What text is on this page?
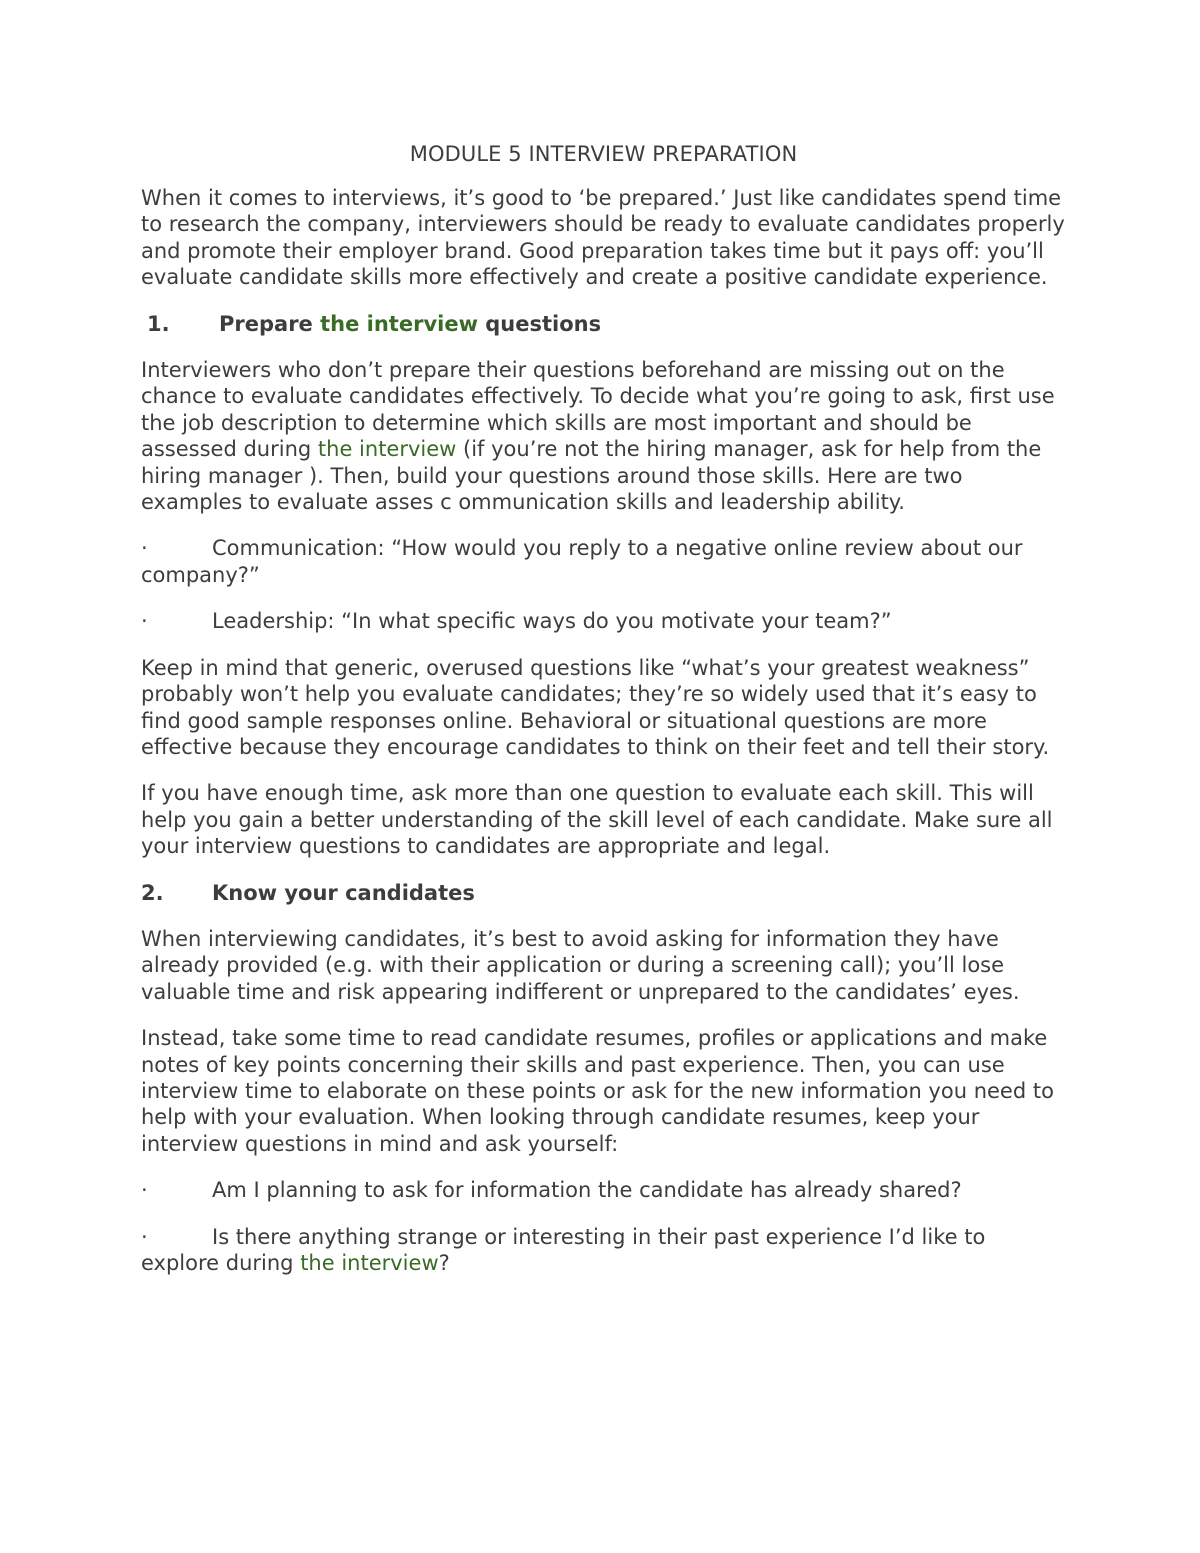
MODULE 5 INTERVIEW PREPARATION

When it comes to interviews, it’s good to ‘be prepared.’ Just like candidates spend time to research the company, interviewers should be ready to evaluate candidates properly and promote their employer brand. Good preparation takes time but it pays off: you’ll evaluate candidate skills more effectively and create a positive candidate experience.

1.	Prepare the interview questions

Interviewers who don’t prepare their questions beforehand are missing out on the chance to evaluate candidates effectively. To decide what you’re going to ask, first use the job description to determine which skills are most important and should be assessed during the interview (if you’re not the hiring manager, ask for help from the hiring manager ). Then, build your questions around those skills. Here are two examples to evaluate asses c ommunication skills and leadership ability.

·	Communication: “How would you reply to a negative online review about our company?”
·	Leadership: “In what specific ways do you motivate your team?”

Keep in mind that generic, overused questions like “what’s your greatest weakness” probably won’t help you evaluate candidates; they’re so widely used that it’s easy to find good sample responses online. Behavioral or situational questions are more effective because they encourage candidates to think on their feet and tell their story.

If you have enough time, ask more than one question to evaluate each skill. This will help you gain a better understanding of the skill level of each candidate. Make sure all your interview questions to candidates are appropriate and legal.

2.	Know your candidates

When interviewing candidates, it’s best to avoid asking for information they have already provided (e.g. with their application or during a screening call); you’ll lose valuable time and risk appearing indifferent or unprepared to the candidates’ eyes.

Instead, take some time to read candidate resumes, profiles or applications and make notes of key points concerning their skills and past experience. Then, you can use interview time to elaborate on these points or ask for the new information you need to help with your evaluation. When looking through candidate resumes, keep your interview questions in mind and ask yourself:

·	Am I planning to ask for information the candidate has already shared?
·	Is there anything strange or interesting in their past experience I’d like to explore during the interview?
